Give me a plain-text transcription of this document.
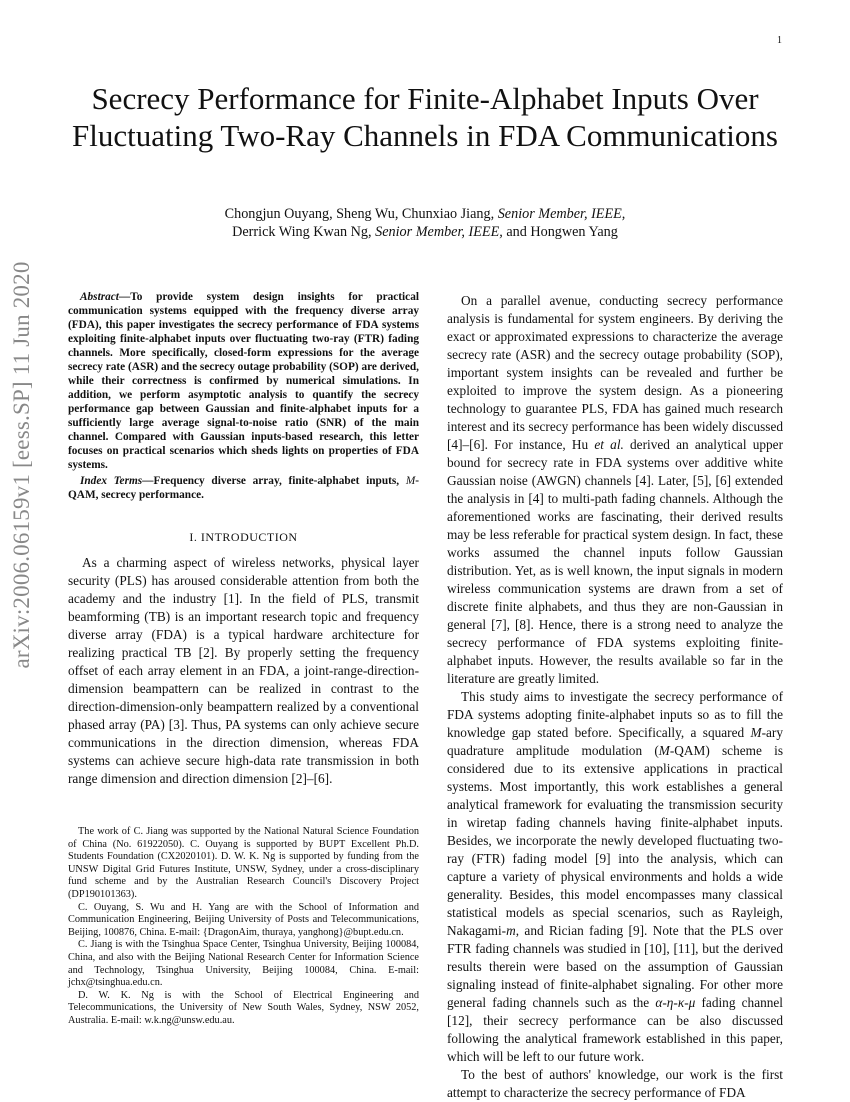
1
arXiv:2006.06159v1 [eess.SP] 11 Jun 2020
Secrecy Performance for Finite-Alphabet Inputs Over Fluctuating Two-Ray Channels in FDA Communications
Chongjun Ouyang, Sheng Wu, Chunxiao Jiang, Senior Member, IEEE,
Derrick Wing Kwan Ng, Senior Member, IEEE, and Hongwen Yang

Abstract—To provide system design insights for practical communication systems equipped with the frequency diverse array (FDA), this paper investigates the secrecy performance of FDA systems exploiting finite-alphabet inputs over fluctuating two-ray (FTR) fading channels. More specifically, closed-form expressions for the average secrecy rate (ASR) and the secrecy outage probability (SOP) are derived, while their correctness is confirmed by numerical simulations. In addition, we perform asymptotic analysis to quantify the secrecy performance gap between Gaussian and finite-alphabet inputs for a sufficiently large average signal-to-noise ratio (SNR) of the main channel. Compared with Gaussian inputs-based research, this letter focuses on practical scenarios which sheds lights on properties of FDA systems.

Index Terms—Frequency diverse array, finite-alphabet inputs, M-QAM, secrecy performance.

I. INTRODUCTION

As a charming aspect of wireless networks, physical layer security (PLS) has aroused considerable attention from both the academy and the industry [1]. In the field of PLS, transmit beamforming (TB) is an important research topic and frequency diverse array (FDA) is a typical hardware architecture for realizing practical TB [2]. By properly setting the frequency offset of each array element in an FDA, a joint-range-direction-dimension beampattern can be realized in contrast to the direction-dimension-only beampattern realized by a conventional phased array (PA) [3]. Thus, PA systems can only achieve secure communications in the direction dimension, whereas FDA systems can achieve secure high-data rate transmission in both range dimension and direction dimension [2]–[6].

The work of C. Jiang was supported by the National Natural Science Foundation of China (No. 61922050). C. Ouyang is supported by BUPT Excellent Ph.D. Students Foundation (CX2020101). D. W. K. Ng is supported by funding from the UNSW Digital Grid Futures Institute, UNSW, Sydney, under a cross-disciplinary fund scheme and by the Australian Research Council's Discovery Project (DP190101363).

C. Ouyang, S. Wu and H. Yang are with the School of Information and Communication Engineering, Beijing University of Posts and Telecommunications, Beijing, 100876, China. E-mail: {DragonAim, thuraya, yanghong}@bupt.edu.cn.

C. Jiang is with the Tsinghua Space Center, Tsinghua University, Beijing 100084, China, and also with the Beijing National Research Center for Information Science and Technology, Tsinghua University, Beijing 100084, China. E-mail: jchx@tsinghua.edu.cn.

D. W. K. Ng is with the School of Electrical Engineering and Telecommunications, the University of New South Wales, Sydney, NSW 2052, Australia. E-mail: w.k.ng@unsw.edu.au.

On a parallel avenue, conducting secrecy performance analysis is fundamental for system engineers. By deriving the exact or approximated expressions to characterize the average secrecy rate (ASR) and the secrecy outage probability (SOP), important system insights can be revealed and further be exploited to improve the system design. As a pioneering technology to guarantee PLS, FDA has gained much research interest and its secrecy performance has been widely discussed [4]–[6]. For instance, Hu et al. derived an analytical upper bound for secrecy rate in FDA systems over additive white Gaussian noise (AWGN) channels [4]. Later, [5], [6] extended the analysis in [4] to multi-path fading channels. Although the aforementioned works are fascinating, their derived results may be less referable for practical system design. In fact, these works assumed the channel inputs follow Gaussian distribution. Yet, as is well known, the input signals in modern wireless communication systems are drawn from a set of discrete finite alphabets, and thus they are non-Gaussian in general [7], [8]. Hence, there is a strong need to analyze the secrecy performance of FDA systems exploiting finite-alphabet inputs. However, the results available so far in the literature are greatly limited.

This study aims to investigate the secrecy performance of FDA systems adopting finite-alphabet inputs so as to fill the knowledge gap stated before. Specifically, a squared M-ary quadrature amplitude modulation (M-QAM) scheme is considered due to its extensive applications in practical systems. Most importantly, this work establishes a general analytical framework for evaluating the transmission security in wiretap fading channels having finite-alphabet inputs. Besides, we incorporate the newly developed fluctuating two-ray (FTR) fading model [9] into the analysis, which can capture a variety of physical environments and holds a wide generality. Besides, this model encompasses many classical statistical models as special scenarios, such as Rayleigh, Nakagami-m, and Rician fading [9]. Note that the PLS over FTR fading channels was studied in [10], [11], but the derived results therein were based on the assumption of Gaussian signaling instead of finite-alphabet signaling. For other more general fading channels such as the α-η-κ-μ fading channel [12], their secrecy performance can be also discussed following the analytical framework established in this paper, which will be left to our future work.

To the best of authors' knowledge, our work is the first attempt to characterize the secrecy performance of FDA
